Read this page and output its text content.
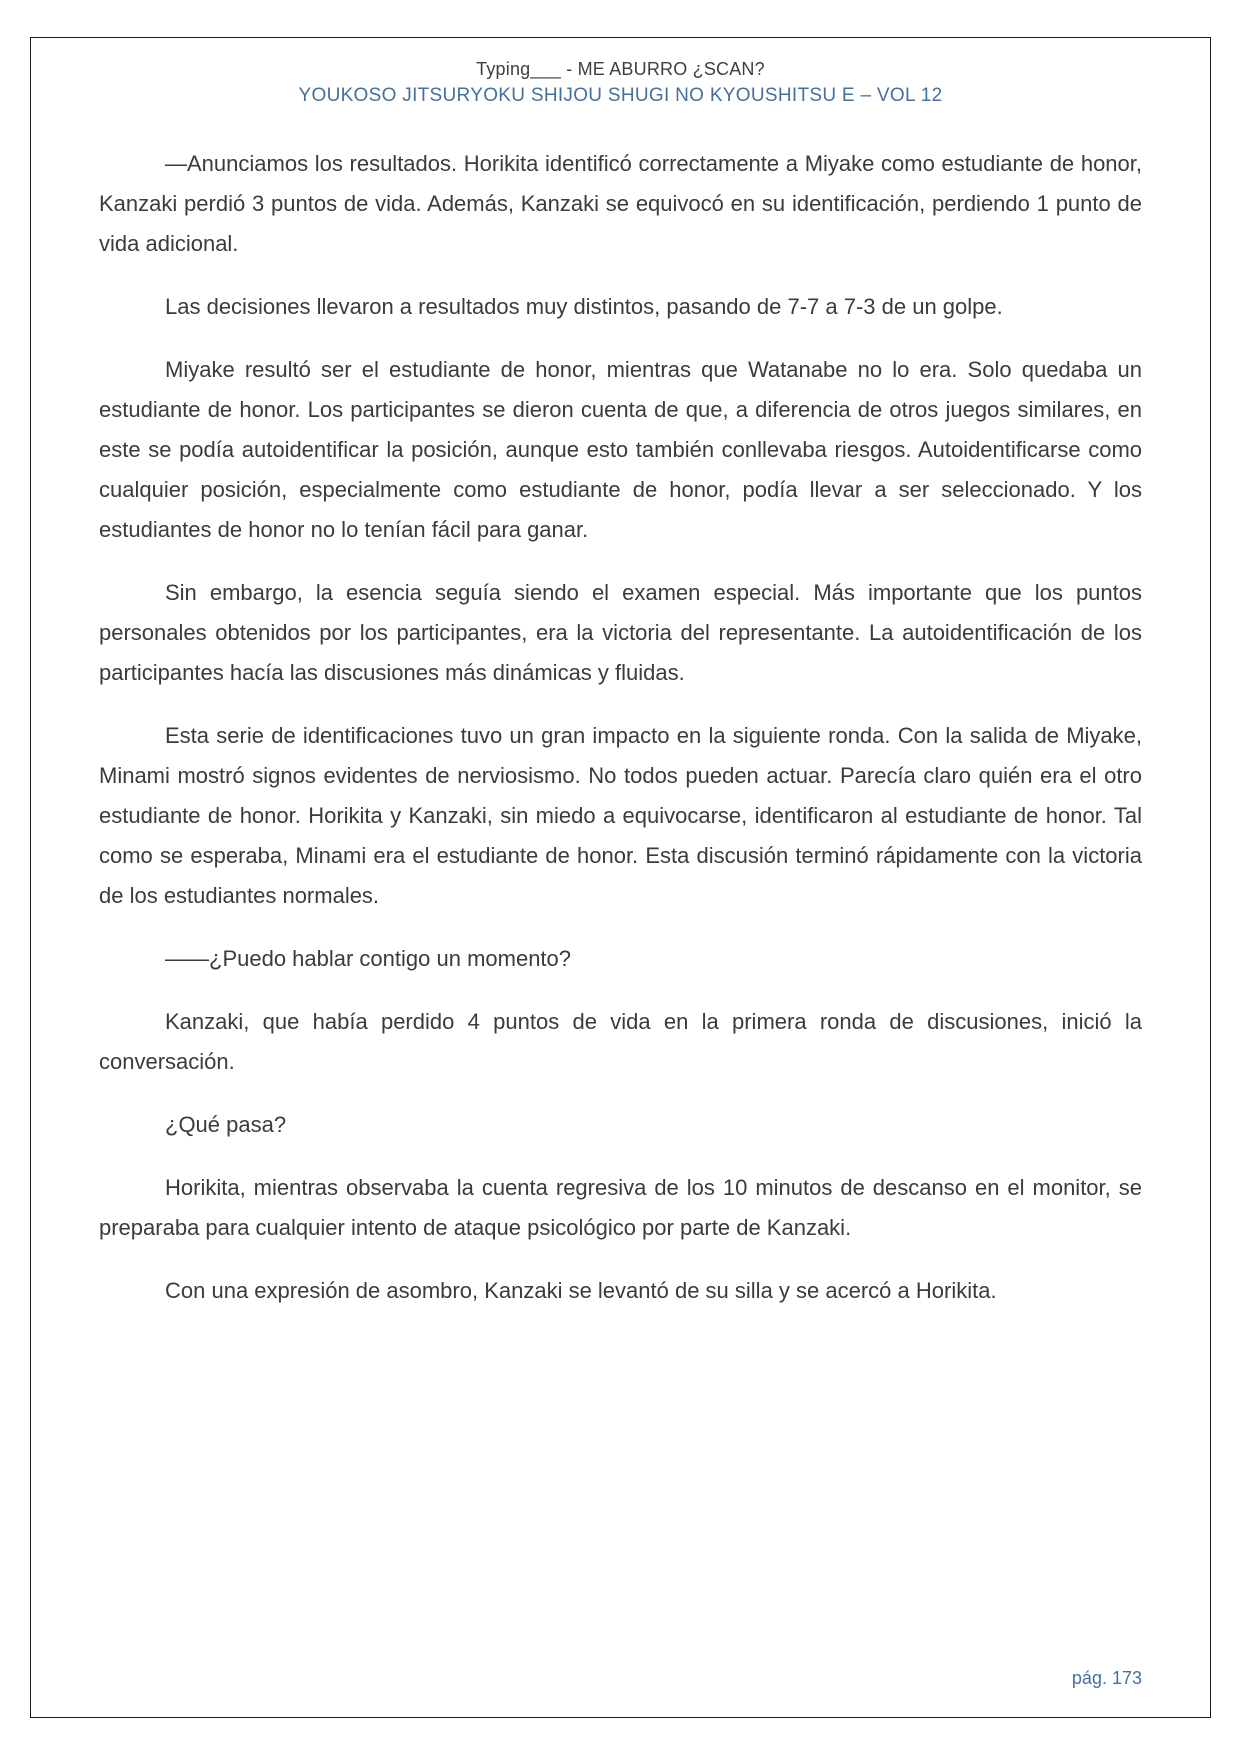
Typing___ - ME ABURRO ¿SCAN?
YOUKOSO JITSURYOKU SHIJOU SHUGI NO KYOUSHITSU E – VOL 12

—Anunciamos los resultados. Horikita identificó correctamente a Miyake como estudiante de honor, Kanzaki perdió 3 puntos de vida. Además, Kanzaki se equivocó en su identificación, perdiendo 1 punto de vida adicional.

Las decisiones llevaron a resultados muy distintos, pasando de 7-7 a 7-3 de un golpe.

Miyake resultó ser el estudiante de honor, mientras que Watanabe no lo era. Solo quedaba un estudiante de honor. Los participantes se dieron cuenta de que, a diferencia de otros juegos similares, en este se podía autoidentificar la posición, aunque esto también conllevaba riesgos. Autoidentificarse como cualquier posición, especialmente como estudiante de honor, podía llevar a ser seleccionado. Y los estudiantes de honor no lo tenían fácil para ganar.

Sin embargo, la esencia seguía siendo el examen especial. Más importante que los puntos personales obtenidos por los participantes, era la victoria del representante. La autoidentificación de los participantes hacía las discusiones más dinámicas y fluidas.

Esta serie de identificaciones tuvo un gran impacto en la siguiente ronda. Con la salida de Miyake, Minami mostró signos evidentes de nerviosismo. No todos pueden actuar. Parecía claro quién era el otro estudiante de honor. Horikita y Kanzaki, sin miedo a equivocarse, identificaron al estudiante de honor. Tal como se esperaba, Minami era el estudiante de honor. Esta discusión terminó rápidamente con la victoria de los estudiantes normales.

——¿Puedo hablar contigo un momento?

Kanzaki, que había perdido 4 puntos de vida en la primera ronda de discusiones, inició la conversación.

¿Qué pasa?

Horikita, mientras observaba la cuenta regresiva de los 10 minutos de descanso en el monitor, se preparaba para cualquier intento de ataque psicológico por parte de Kanzaki.

Con una expresión de asombro, Kanzaki se levantó de su silla y se acercó a Horikita.

pág. 173
